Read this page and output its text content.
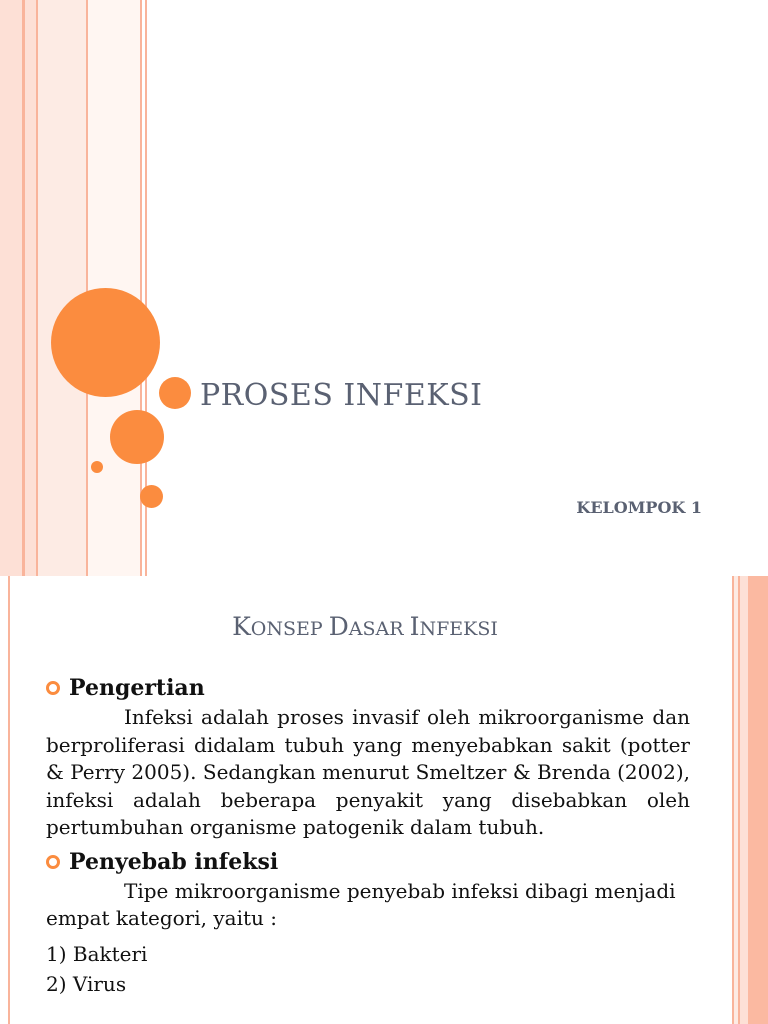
PROSES INFEKSI
KELOMPOK 1
KONSEP DASAR INFEKSI
Pengertian

Infeksi adalah proses invasif oleh mikroorganisme dan berproliferasi didalam tubuh yang menyebabkan sakit (potter & Perry 2005). Sedangkan menurut Smeltzer & Brenda (2002), infeksi adalah beberapa penyakit yang disebabkan oleh pertumbuhan organisme patogenik dalam tubuh.

Penyebab infeksi

Tipe mikroorganisme penyebab infeksi dibagi menjadi empat kategori, yaitu :

1) Bakteri
2) Virus
